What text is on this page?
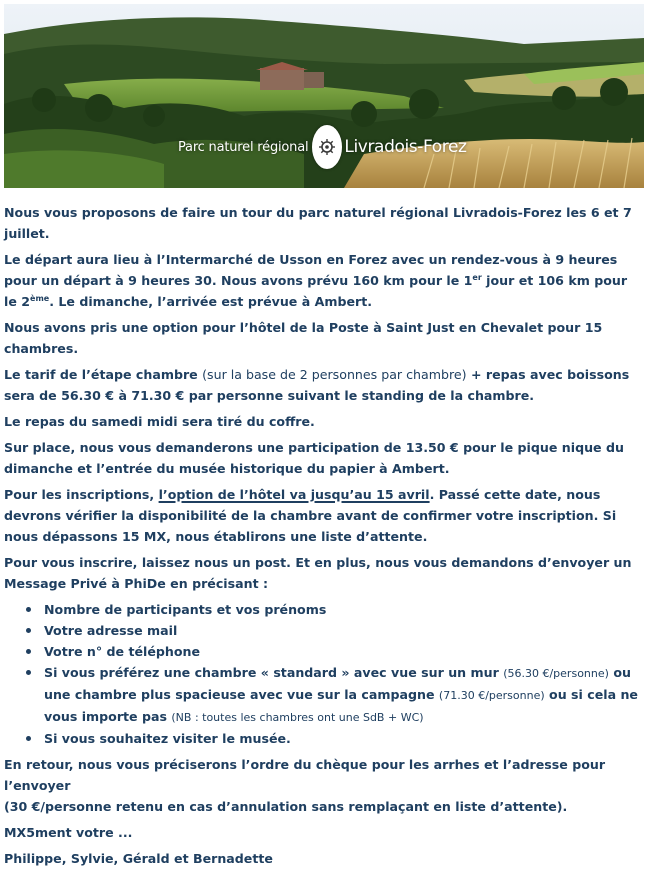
Parc naturel régional Livradois-Forez

Nous vous proposons de faire un tour du parc naturel régional Livradois-Forez les 6 et 7 juillet.

Le départ aura lieu à l’Intermarché de Usson en Forez avec un rendez-vous à 9 heures pour un départ à 9 heures 30. Nous avons prévu 160 km pour le 1er jour et 106 km pour le 2ème. Le dimanche, l’arrivée est prévue à Ambert.

Nous avons pris une option pour l’hôtel de la Poste à Saint Just en Chevalet pour 15 chambres.

Le tarif de l’étape chambre (sur la base de 2 personnes par chambre) + repas avec boissons sera de 56.30 € à 71.30 € par personne suivant le standing de la chambre.

Le repas du samedi midi sera tiré du coffre.

Sur place, nous vous demanderons une participation de 13.50 € pour le pique nique du dimanche et l’entrée du musée historique du papier à Ambert.

Pour les inscriptions, l’option de l’hôtel va jusqu’au 15 avril. Passé cette date, nous devrons vérifier la disponibilité de la chambre avant de confirmer votre inscription. Si nous dépassons 15 MX, nous établirons une liste d’attente.

Pour vous inscrire, laissez nous un post. Et en plus, nous vous demandons d’envoyer un Message Privé à PhiDe en précisant :

Nombre de participants et vos prénoms
Votre adresse mail
Votre n° de téléphone
Si vous préférez une chambre « standard » avec vue sur un mur (56.30 €/personne) ou une chambre plus spacieuse avec vue sur la campagne (71.30 €/personne) ou si cela ne vous importe pas (NB : toutes les chambres ont une SdB + WC)
Si vous souhaitez visiter le musée.

En retour, nous vous préciserons l’ordre du chèque pour les arrhes et l’adresse pour l’envoyer
(30 €/personne retenu en cas d’annulation sans remplaçant en liste d’attente).

MX5ment votre ...

Philippe, Sylvie, Gérald et Bernadette
